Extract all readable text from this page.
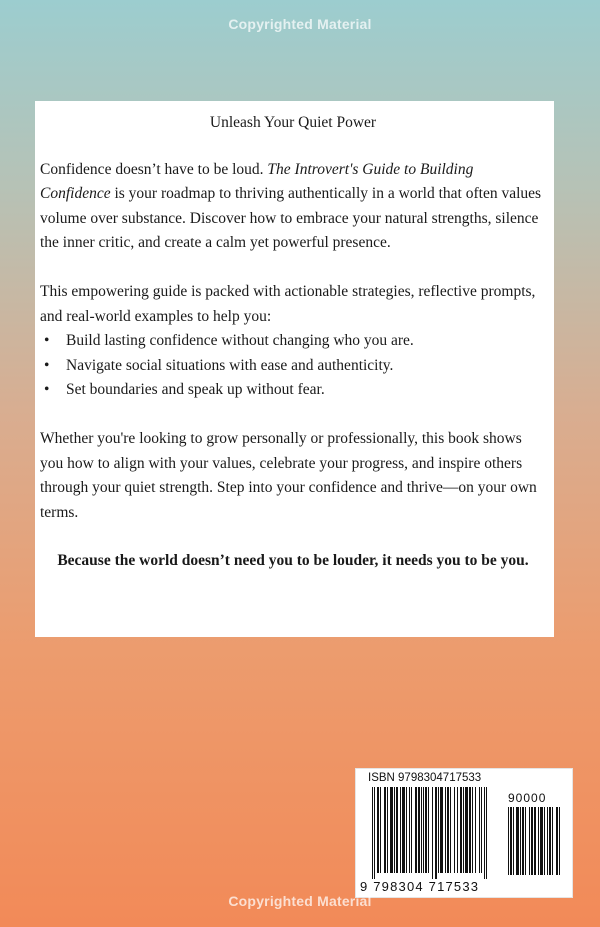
Copyrighted Material
Unleash Your Quiet Power

Confidence doesn’t have to be loud. The Introvert's Guide to Building Confidence is your roadmap to thriving authentically in a world that often values volume over substance. Discover how to embrace your natural strengths, silence the inner critic, and create a calm yet powerful presence.

This empowering guide is packed with actionable strategies, reflective prompts, and real-world examples to help you:

• Build lasting confidence without changing who you are.
• Navigate social situations with ease and authenticity.
• Set boundaries and speak up without fear.

Whether you're looking to grow personally or professionally, this book shows you how to align with your values, celebrate your progress, and inspire others through your quiet strength. Step into your confidence and thrive—on your own terms.

Because the world doesn’t need you to be louder, it needs you to be you.

ISBN 9798304717533
90000
9 798304 717533
Copyrighted Material
